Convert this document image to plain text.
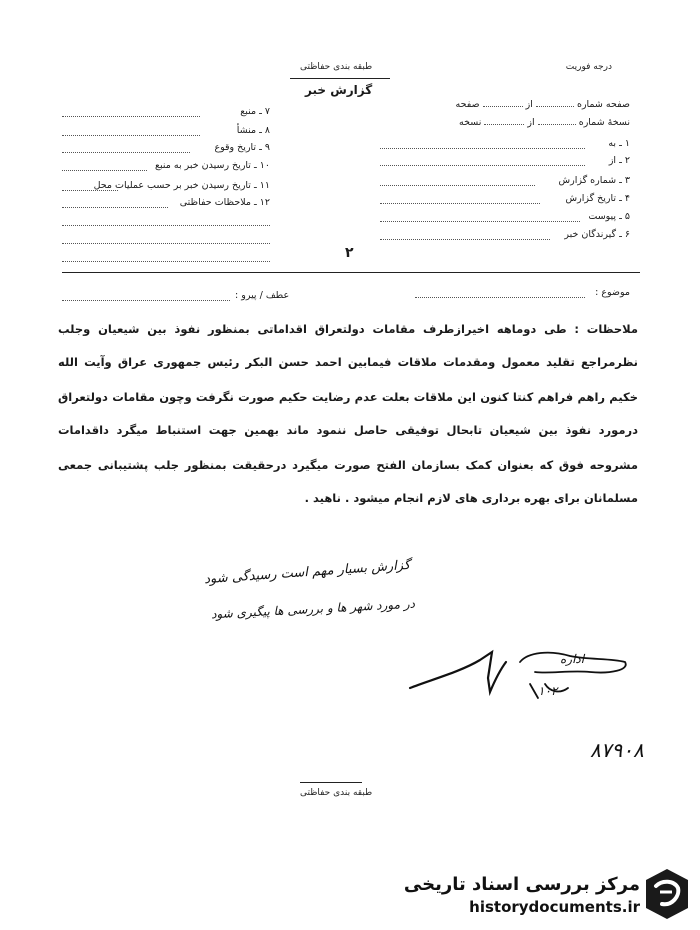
درجه فوریت
طبقه بندی حفاظتی
گزارش خبر
صفحه شماره  از  صفحه
نسخهٔ شماره  از  نسخه
۱ ـ به
۲ ـ از
۳ ـ شماره گزارش
۴ ـ تاریخ گزارش
۵ ـ پیوست
۶ ـ گیرندگان خبر
۷ ـ منبع
۸ ـ منشأ
۹ ـ تاریخ وقوع
۱۰ ـ تاریخ رسیدن خبر به منبع
۱۱ ـ تاریخ رسیدن خبر بر حسب عملیات محل
۱۲ ـ ملاحظات حفاظتی
۲
موضوع :
عطف / پیرو :
ملاحظات : طی دوماهه اخیرازطرف مقامات دولتعراق اقداماتی بمنظور نفوذ بین شیعیان وجلب
نظرمراجع تقلید معمول ومقدمات ملاقات فیمابین احمد حسن البکر رئیس جمهوری عراق وآیت الله
خکیم راهم فراهم کنتا کنون این ملاقات بعلت عدم رضایت حکیم صورت نگرفت وچون مقامات دولتعراق
درمورد نفوذ بین شیعیان تابحال توفیقی حاصل ننمود ماند بهمین جهت استنباط میگرد داقدامات
مشروحه فوق که بعنوان کمک بسازمان الفتح صورت میگیرد درحقیقت بمنظور جلب پشتیبانی جمعی
مسلمانان برای بهره برداری های لازم انجام میشود . ناهید .
گزارش بسیار مهم است رسیدگی شود
در مورد شهر ها و بررسی ها پیگیری شود
اداره
۱۰۲
۸۷۹۰۸
طبقه بندی حفاظتی
مرکز بررسی اسناد تاریخی
historydocuments.ir
